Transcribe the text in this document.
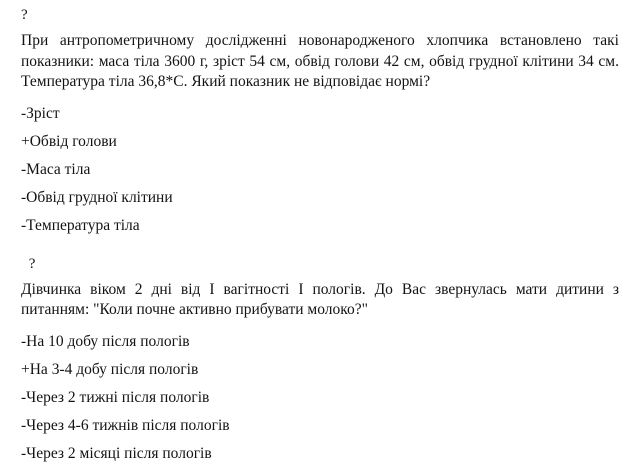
?

При антропометричному дослідженні новонародженого хлопчика встановлено такі показники: маса тіла 3600 г, зріст 54 см, обвід голови 42 см, обвід грудної клітини 34 см. Температура тіла 36,8*C. Який показник не відповідає нормі?

-Зріст
+Обвід голови
-Маса тіла
-Обвід грудної клітини
-Температура тіла

?

Дівчинка віком 2 дні від I вагітності I пологів. До Вас звернулась мати дитини з питанням: "Коли почне активно прибувати молоко?"

-На 10 добу після пологів
+На 3-4 добу після пологів
-Через 2 тижні після пологів
-Через 4-6 тижнів після пологів
-Через 2 місяці після пологів
